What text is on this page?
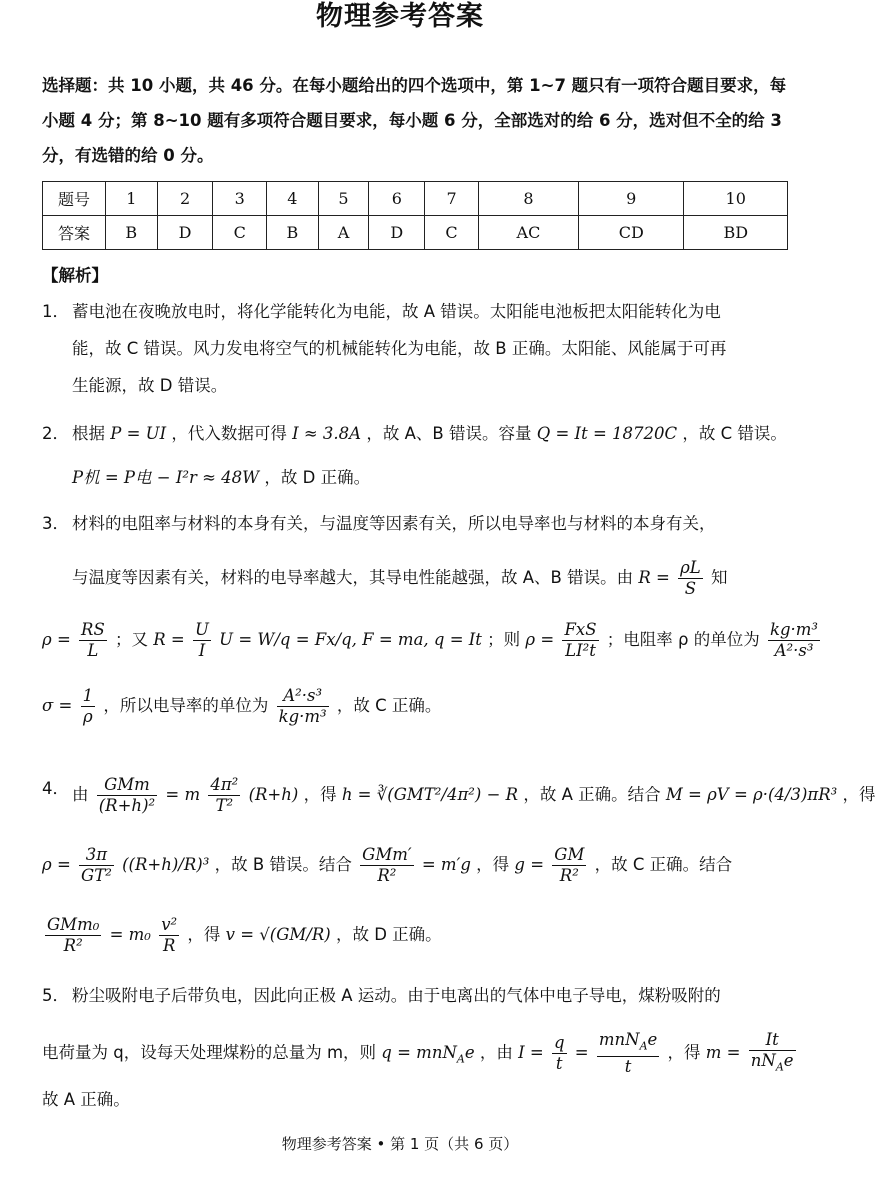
物理参考答案
选择题：共 10 小题，共 46 分。在每小题给出的四个选项中，第 1~7 题只有一项符合题目要求，每小题 4 分；第 8~10 题有多项符合题目要求，每小题 6 分，全部选对的给 6 分，选对但不全的给 3 分，有选错的给 0 分。
题号	1	2	3	4	5	6	7	8	9	10
答案	B	D	C	B	A	D	C	AC	CD	BD
【解析】
1． 蓄电池在夜晚放电时，将化学能转化为电能，故 A 错误。太阳能电池板把太阳能转化为电
能，故 C 错误。风力发电将空气的机械能转化为电能，故 B 正确。太阳能、风能属于可再
生能源，故 D 错误。
2． 根据 P = UI ，代入数据可得 I ≈ 3.8A ，故 A、B 错误。容量 Q = It = 18720C ，故 C 错误。
P机 = P电 − I²r ≈ 48W ，故 D 正确。
3． 材料的电阻率与材料的本身有关，与温度等因素有关，所以电导率也与材料的本身有关，
与温度等因素有关，材料的电导率越大，其导电性能越强，故 A、B 错误。由 $R = \frac{\rho L}{S}$ 知
$\rho = \frac{RS}{L}$ ；又 $R = \frac{U}{I}$ U = W/q = Fx/q, F = ma, q = It ；则 $\rho = \frac{\text{FxS}}{\text{LI²t}}$ ；电阻率 ρ 的单位为 $\frac{\text{kg·m³}}{\text{A²·s³}}$
$\sigma = \frac{1}{\rho}$ ，所以电导率的单位为 $\frac{\text{A²·s³}}{\text{kg·m³}}$ ，故 C 正确。
4． 由 $\frac{\text{GMm}}{\text{(R+h)²}} = m \frac{\text{4π²}}{\text{T²}} (R+h)$ ，得 h = ∛(GMT²/4π²) − R ，故 A 正确。结合 M = ρV = ρ·(4/3)πR³ ，得
$\rho = \frac{3\pi}{\text{GT²}} ((R+h)/R)^3$ ，故 B 错误。结合 $\frac{\text{GMm′}}{\text{R²}} = m'g$ ，得 $g = \frac{GM}{\text{R²}}$ ，故 C 正确。结合
$\frac{\text{GMm₀}}{\text{R²}} = m_0 \frac{\text{v²}}{R}$ ，得 v = √(GM/R) ，故 D 正确。
5． 粉尘吸附电子后带负电，因此向正极 A 运动。由于电离出的气体中电子导电，煤粉吸附的
电荷量为 q，设每天处理煤粉的总量为 m，则 q = mnN$_A$e ，由 $I = \frac{q}{t} = \frac{mnN_Ae}{t}$ ，得 $m = \frac{It}{nN_Ae}$
故 A 正确。
物理参考答案 • 第 1 页（共 6 页）
